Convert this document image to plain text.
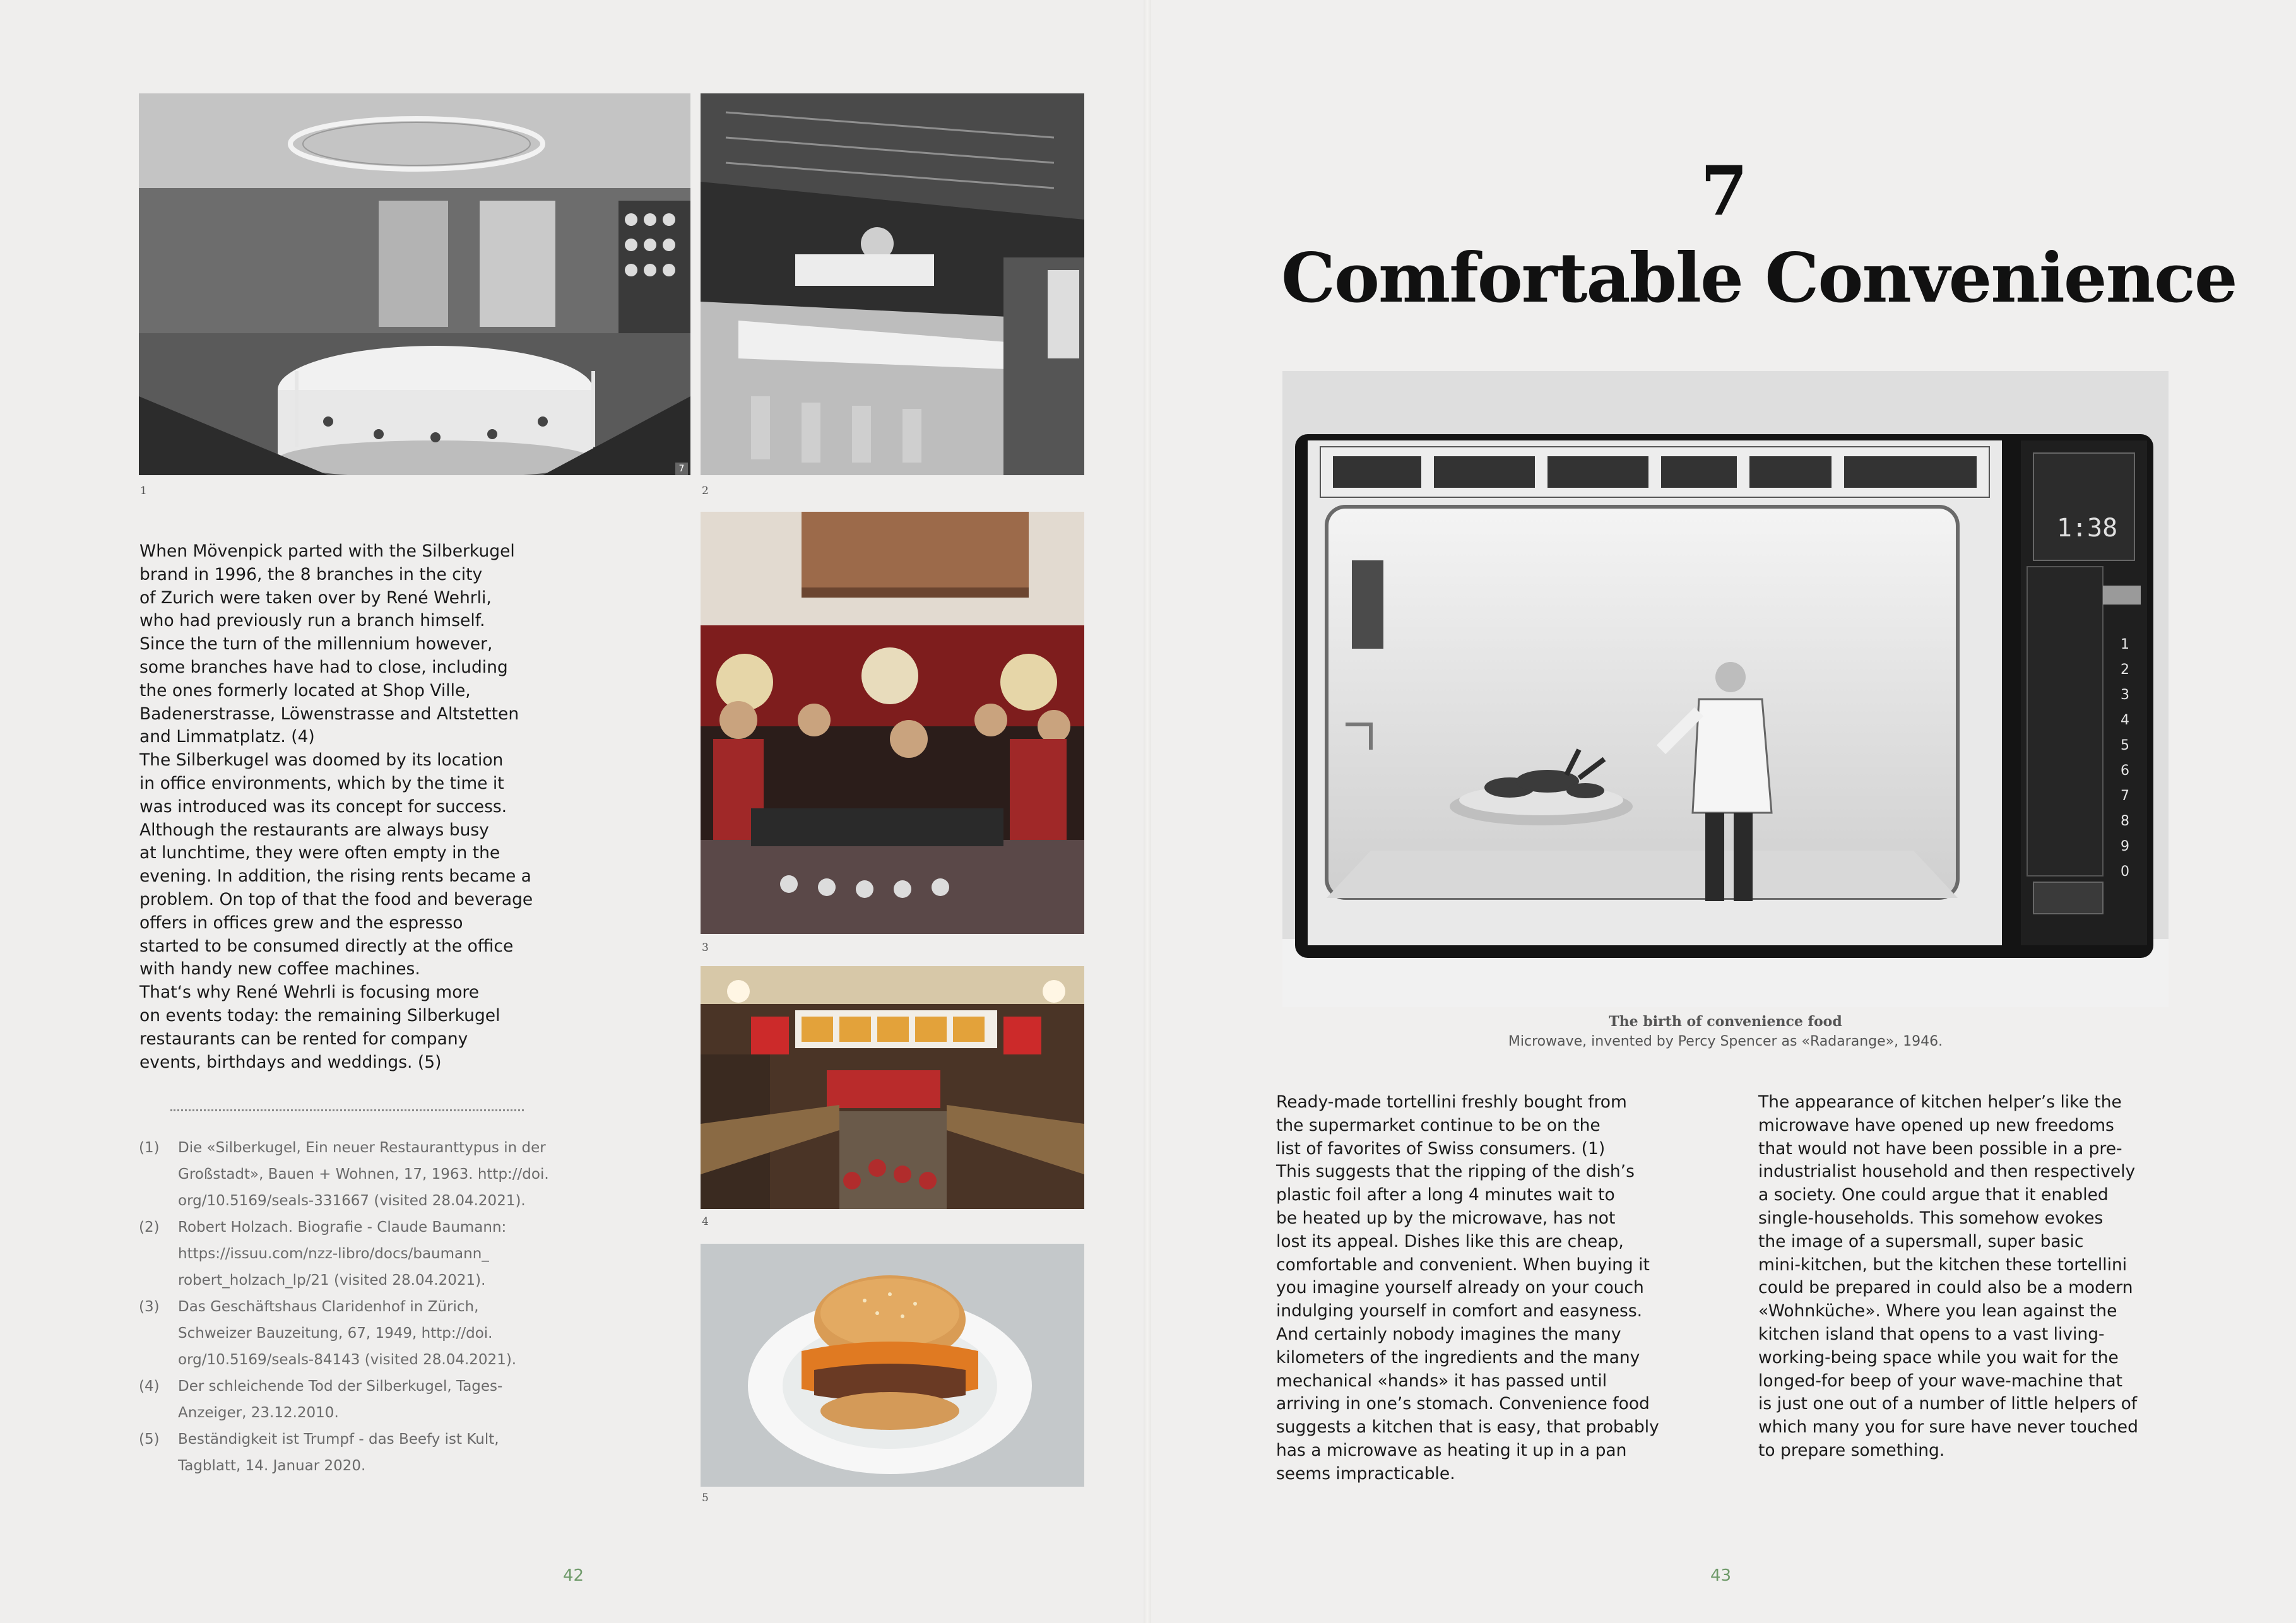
1
7
2
3
4
5
When Mövenpick parted with the Silberkugel
brand in 1996, the 8 branches in the city
of Zurich were taken over by René Wehrli,
who had previously run a branch himself.
Since the turn of the millennium however,
some branches have had to close, including
the ones formerly located at Shop Ville,
Badenerstrasse, Löwenstrasse and Altstetten
and Limmatplatz. (4)
The Silberkugel was doomed by its location
in office environments, which by the time it
was introduced was its concept for success.
Although the restaurants are always busy
at lunchtime, they were often empty in the
evening. In addition, the rising rents became a
problem. On top of that the food and beverage
offers in offices grew and the espresso
started to be consumed directly at the office
with handy new coffee machines.
That‘s why René Wehrli is focusing more
on events today: the remaining Silberkugel
restaurants can be rented for company
events, birthdays and weddings. (5)
(1)	Die «Silberkugel, Ein neuer Restauranttypus in der
Großstadt», Bauen + Wohnen, 17, 1963. http://doi.
org/10.5169/seals-331667 (visited 28.04.2021).
(2)	Robert Holzach. Biografie - Claude Baumann:
https://issuu.com/nzz-libro/docs/baumann_
robert_holzach_lp/21 (visited 28.04.2021).
(3)	Das Geschäftshaus Claridenhof in Zürich,
Schweizer Bauzeitung, 67, 1949, http://doi.
org/10.5169/seals-84143 (visited 28.04.2021).
(4)	Der schleichende Tod der Silberkugel, Tages-
Anzeiger, 23.12.2010.
(5)	Beständigkeit ist Trumpf - das Beefy ist Kult,
Tagblatt, 14. Januar 2020.
42
7
Comfortable Convenience
1:38
1
2
3
4
5
6
7
8
9
0
The birth of convenience food
Microwave, invented by Percy Spencer as «Radarange», 1946.
Ready-made tortellini freshly bought from
the supermarket continue to be on the
list of favorites of Swiss consumers. (1)
This suggests that the ripping of the dish’s
plastic foil after a long 4 minutes wait to
be heated up by the microwave, has not
lost its appeal. Dishes like this are cheap,
comfortable and convenient. When buying it
you imagine yourself already on your couch
indulging yourself in comfort and easyness.
And certainly nobody imagines the many
kilometers of the ingredients and the many
mechanical «hands» it has passed until
arriving in one’s stomach. Convenience food
suggests a kitchen that is easy, that probably
has a microwave as heating it up in a pan
seems impracticable.
The appearance of kitchen helper’s like the
microwave have opened up new freedoms
that would not have been possible in a pre-
industrialist household and then respectively
a society. One could argue that it enabled
single-households. This somehow evokes
the image of a supersmall, super basic
mini-kitchen, but the kitchen these tortellini
could be prepared in could also be a modern
«Wohnküche». Where you lean against the
kitchen island that opens to a vast living-
working-being space while you wait for the
longed-for beep of your wave-machine that
is just one out of a number of little helpers of
which many you for sure have never touched
to prepare something.
43
